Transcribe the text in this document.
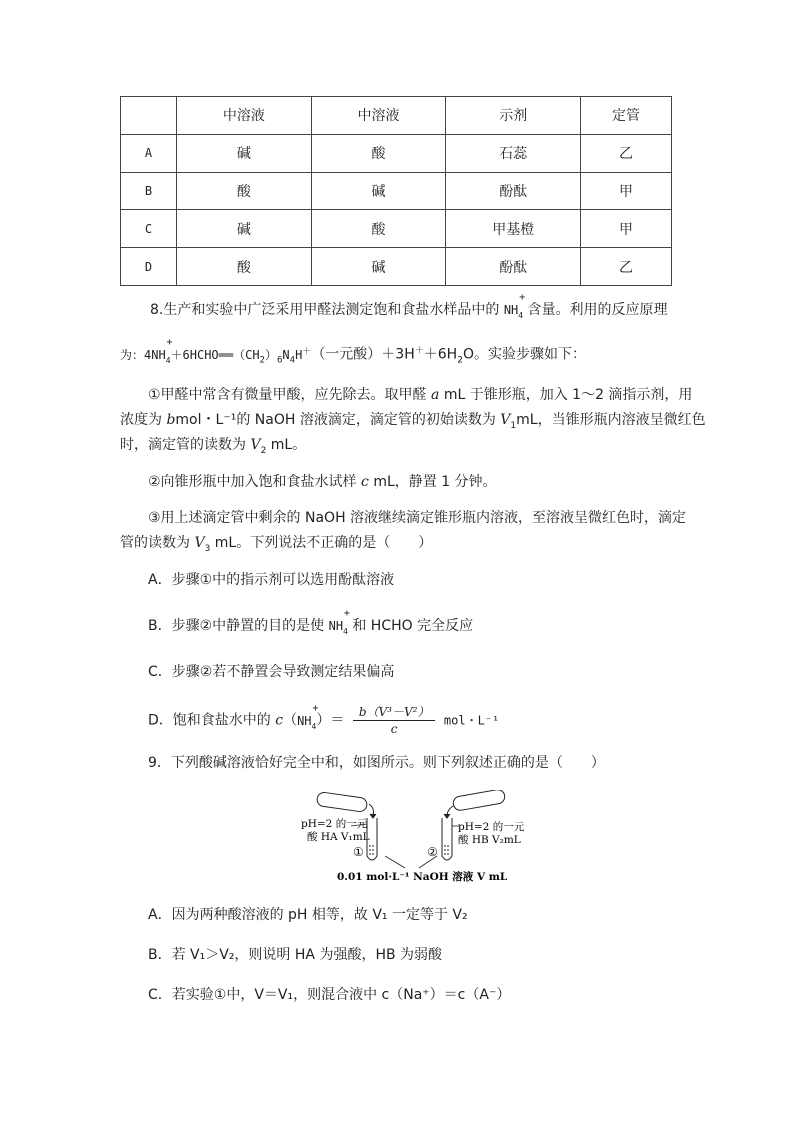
	中溶液	中溶液	示剂	定管
A	碱	酸	石蕊	乙
B	酸	碱	酚酞	甲
C	碱	酸	甲基橙	甲
D	酸	碱	酚酞	乙
8.生产和实验中广泛采用甲醛法测定饱和食盐水样品中的 $NH_4$
+
含量。利用的反应原理
为：$4NH_4$
+
$+6HCHO══(CH_2)_6N_4H^+$（一元酸）$+3H^++6H_2O$。实验步骤如下：
①甲醛中常含有微量甲酸，应先除去。取甲醛 a mL 于锥形瓶，加入 1～2 滴指示剂，用
浓度为 bmol・L⁻¹的 NaOH 溶液滴定，滴定管的初始读数为 $V_1mL$，当锥形瓶内溶液呈微红色
时，滴定管的读数为 $V_2$ mL。
②向锥形瓶中加入饱和食盐水试样 c mL，静置 1 分钟。
③用上述滴定管中剩余的 NaOH 溶液继续滴定锥形瓶内溶液，至溶液呈微红色时，滴定
管的读数为 $V_3$ mL。下列说法不正确的是（　　）
A．步骤①中的指示剂可以选用酚酞溶液
B．步骤②中静置的目的是使 $NH_4$
+
和 HCHO 完全反应
C．步骤②若不静置会导致测定结果偏高
D．饱和食盐水中的 $c(NH_4$
+
）＝ $\frac{\text{b（V³－V²）}}{c}$ mol・L⁻¹
9．下列酸碱溶液恰好完全中和，如图所示。则下列叙述正确的是（　　）
pH=2 的一元
酸 HA V₁mL
pH=2 的一元
酸 HB V₂mL
①	②
0.01 mol·L⁻¹ NaOH 溶液 V mL
A．因为两种酸溶液的 pH 相等，故 V₁ 一定等于 V₂
B．若 V₁＞V₂，则说明 HA 为强酸，HB 为弱酸
C．若实验①中，V＝V₁，则混合液中 c（Na⁺）＝c（A⁻）
